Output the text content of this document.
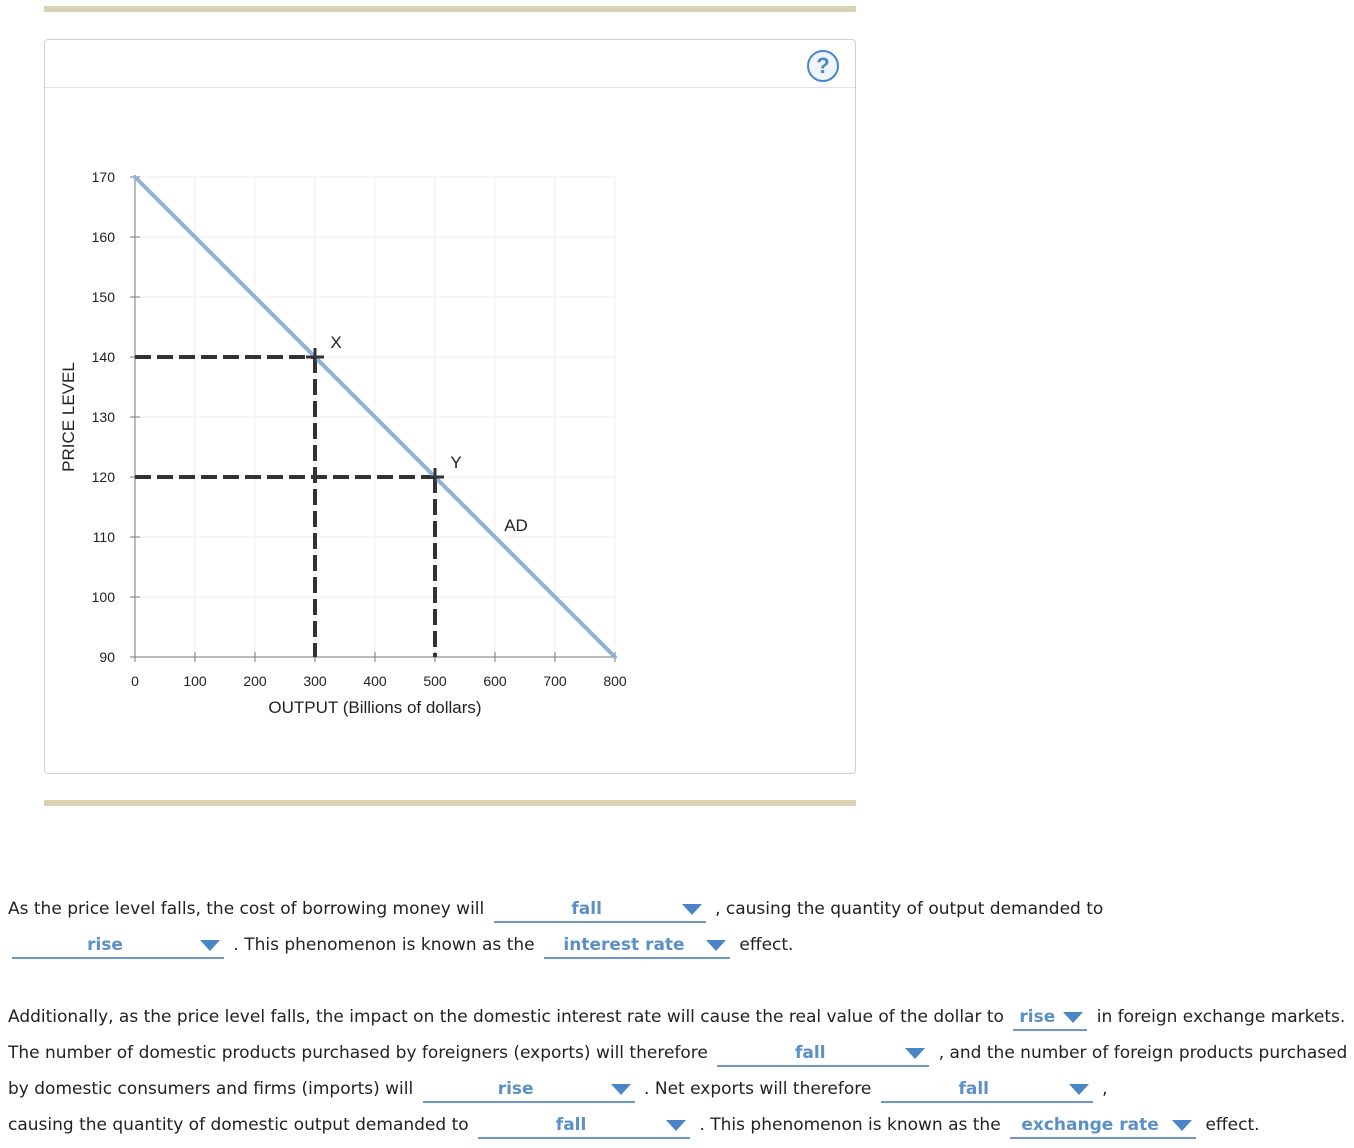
?
0	100	200	300	400	500	600	700	800
90
100
110
120
130
140
150
160
170
OUTPUT (Billions of dollars)
PRICE LEVEL
AD
X
Y
As the price level falls, the cost of borrowing money will	fall	, causing the quantity of output demanded to
rise	. This phenomenon is known as the interest rate	effect.
Additionally, as the price level falls, the impact on the domestic interest rate will cause the real value of the dollar to rise in foreign exchange markets. The number of domestic products purchased by foreigners (exports) will therefore	fall	, and the number of foreign products purchased by domestic consumers and firms (imports) will	rise	. Net exports will therefore	fall	,
causing the quantity of domestic output demanded to	fall	. This phenomenon is known as the exchange rate	effect.
